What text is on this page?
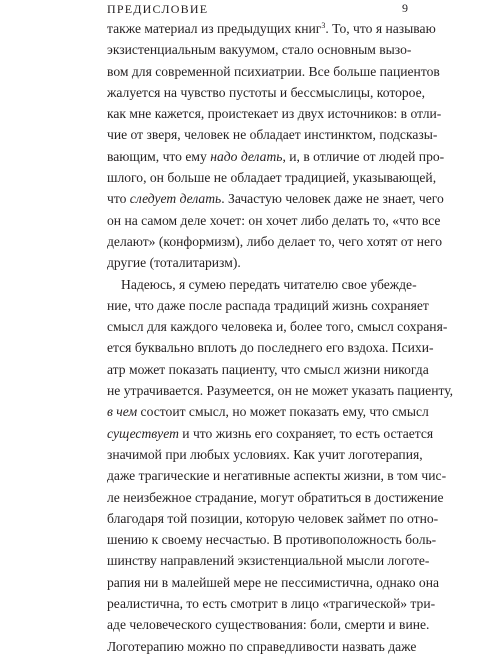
ПРЕДИСЛОВИЕ	9
также материал из предыдущих книг$^3$. То, что я называю
экзистенциальным вакуумом, стало основным вызо-
вом для современной психиатрии. Все больше пациентов
жалуется на чувство пустоты и бессмыслицы, которое,
как мне кажется, проистекает из двух источников: в отли-
чие от зверя, человек не обладает инстинктом, подсказы-
вающим, что ему надо делать, и, в отличие от людей про-
шлого, он больше не обладает традицией, указывающей,
что следует делать. Зачастую человек даже не знает, чего
он на самом деле хочет: он хочет либо делать то, «что все
делают» (конформизм), либо делает то, чего хотят от него
другие (тоталитаризм).
Надеюсь, я сумею передать читателю свое убежде-
ние, что даже после распада традиций жизнь сохраняет
смысл для каждого человека и, более того, смысл сохраня-
ется буквально вплоть до последнего его вздоха. Психи-
атр может показать пациенту, что смысл жизни никогда
не утрачивается. Разумеется, он не может указать пациенту,
в чем состоит смысл, но может показать ему, что смысл
существует и что жизнь его сохраняет, то есть остается
значимой при любых условиях. Как учит логотерапия,
даже трагические и негативные аспекты жизни, в том чис-
ле неизбежное страдание, могут обратиться в достижение
благодаря той позиции, которую человек займет по отно-
шению к своему несчастью. В противоположность боль-
шинству направлений экзистенциальной мысли логоте-
рапия ни в малейшей мере не пессимистична, однако она
реалистична, то есть смотрит в лицо «трагической» три-
аде человеческого существования: боли, смерти и вине.
Логотерапию можно по справедливости назвать даже
